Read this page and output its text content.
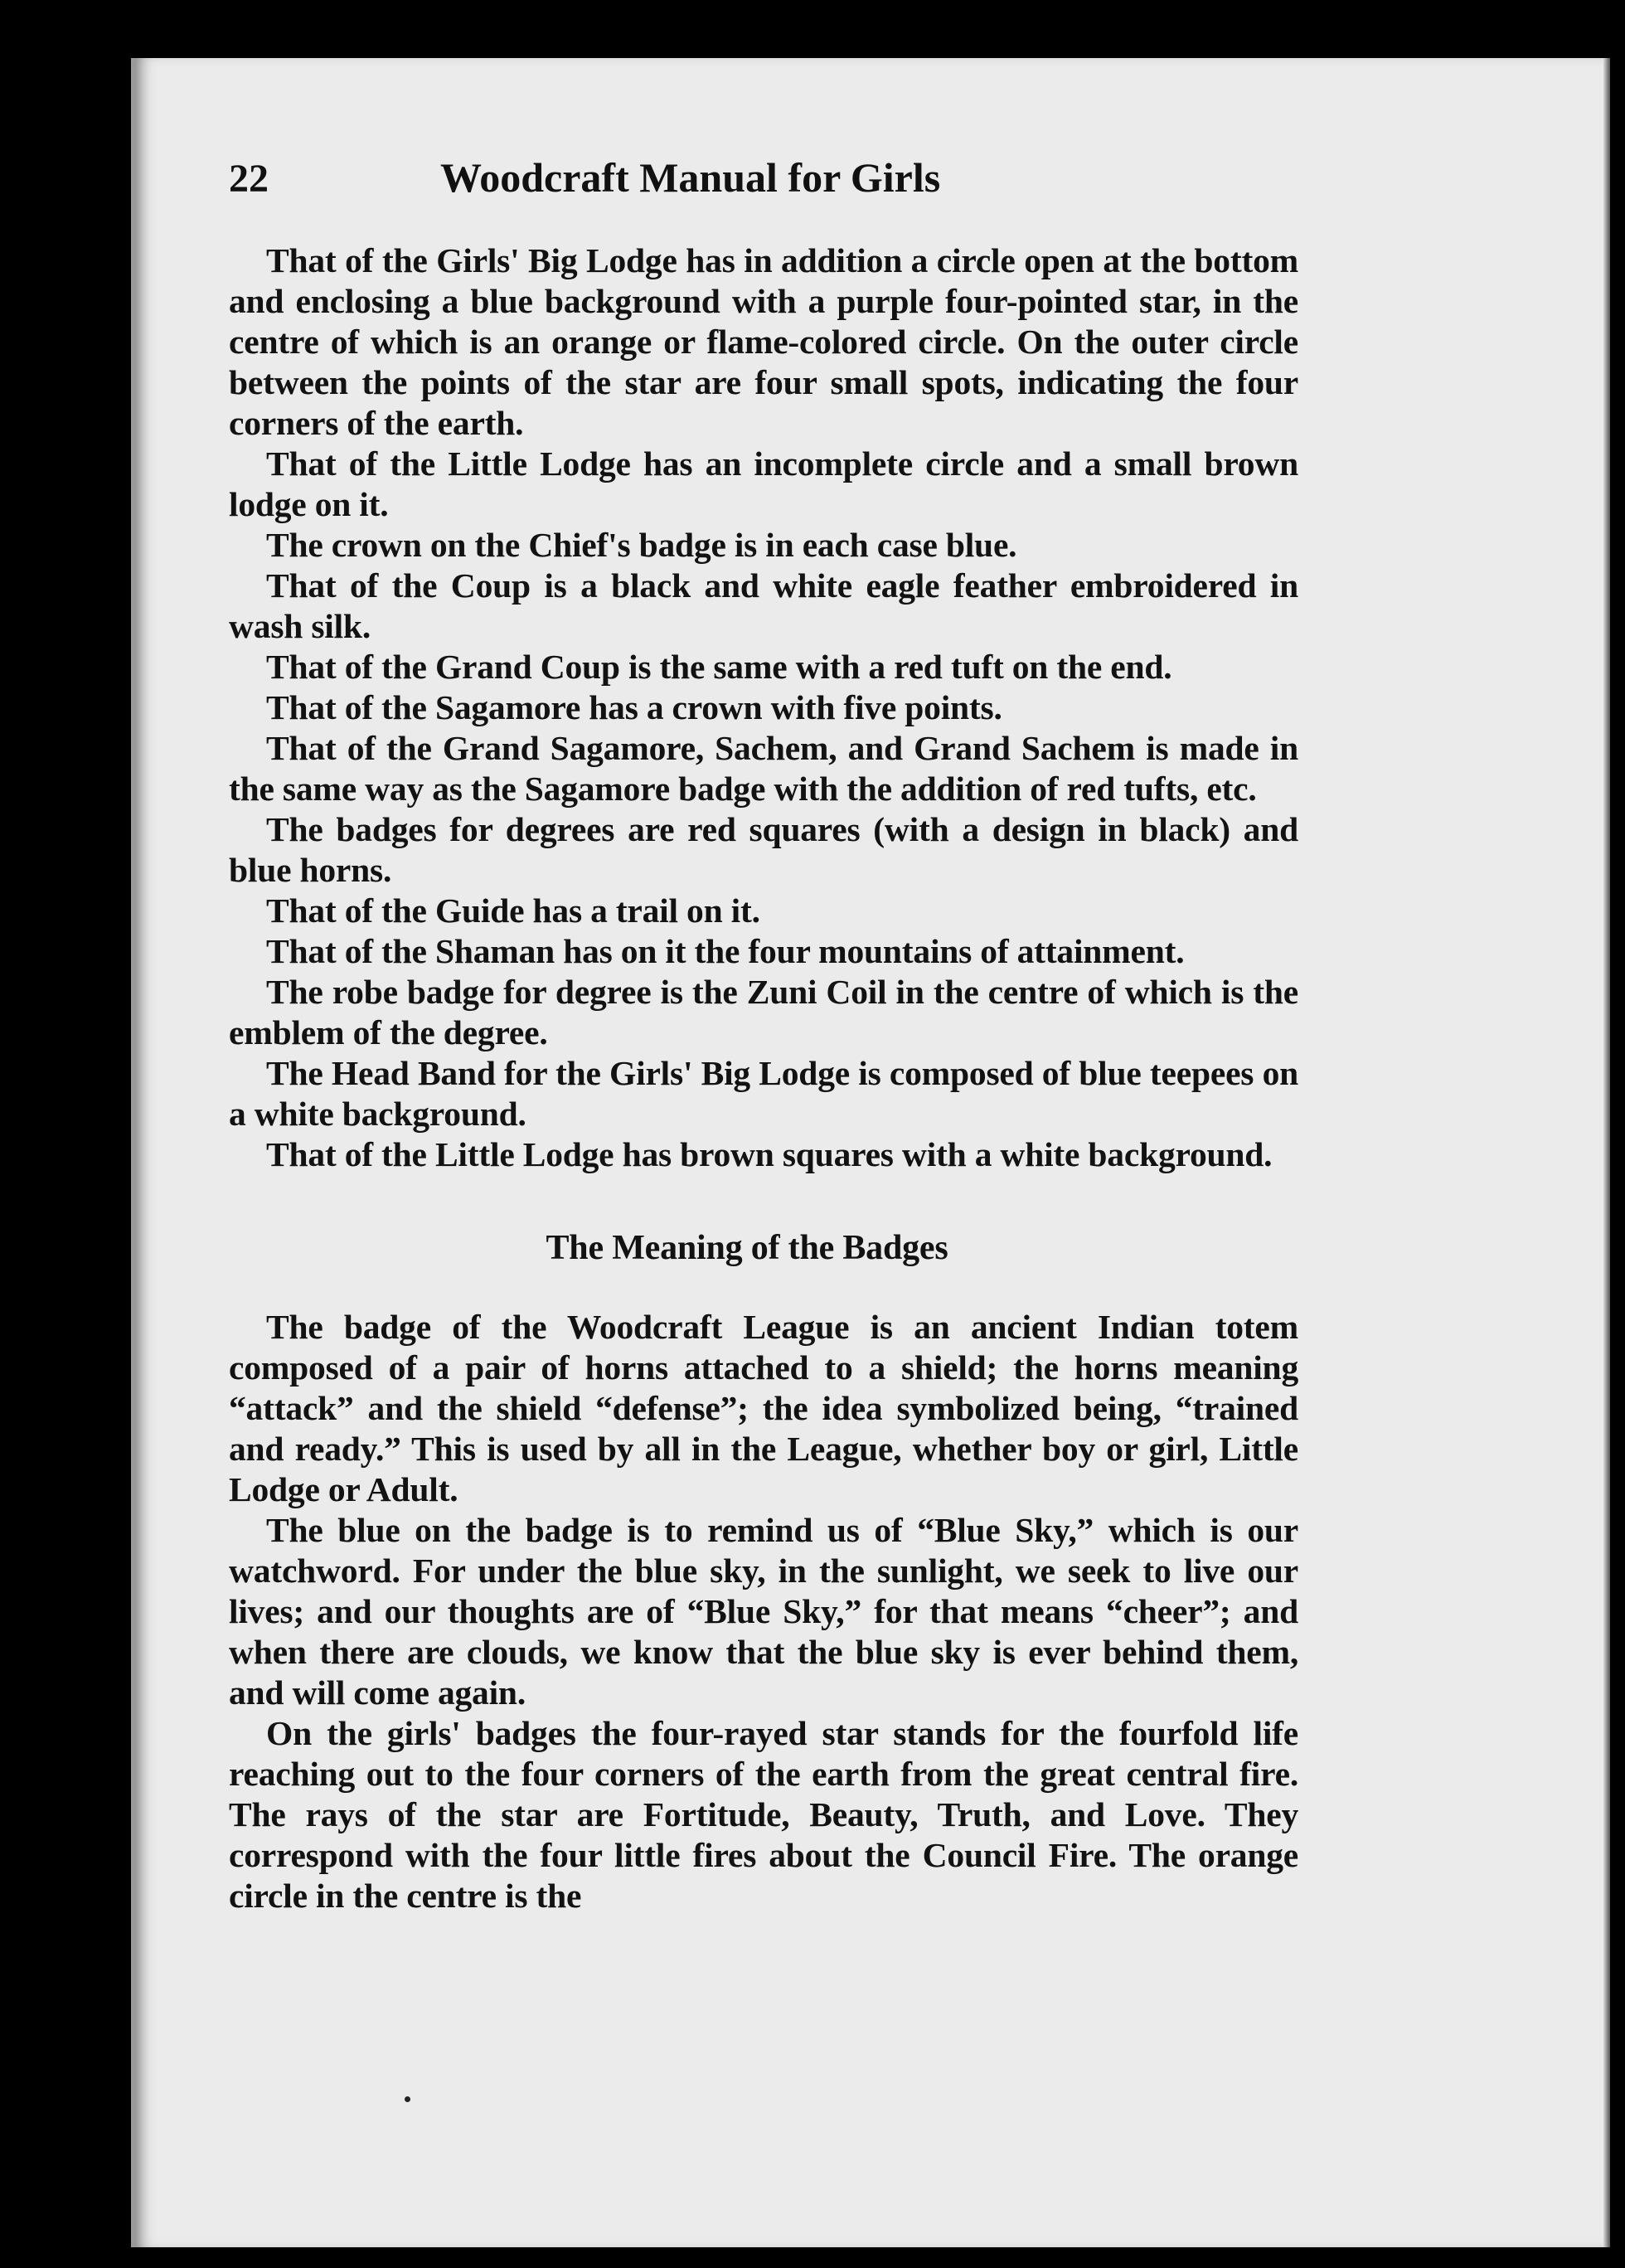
22	Woodcraft Manual for Girls

That of the Girls' Big Lodge has in addition a circle open at the bottom and enclosing a blue background with a purple four-pointed star, in the centre of which is an orange or flame-colored circle. On the outer circle between the points of the star are four small spots, indicating the four corners of the earth.

That of the Little Lodge has an incomplete circle and a small brown lodge on it.

The crown on the Chief's badge is in each case blue.

That of the Coup is a black and white eagle feather embroidered in wash silk.

That of the Grand Coup is the same with a red tuft on the end.

That of the Sagamore has a crown with five points.

That of the Grand Sagamore, Sachem, and Grand Sachem is made in the same way as the Sagamore badge with the addition of red tufts, etc.

The badges for degrees are red squares (with a design in black) and blue horns.

That of the Guide has a trail on it.

That of the Shaman has on it the four mountains of attainment.

The robe badge for degree is the Zuni Coil in the centre of which is the emblem of the degree.

The Head Band for the Girls' Big Lodge is composed of blue teepees on a white background.

That of the Little Lodge has brown squares with a white background.

The Meaning of the Badges

The badge of the Woodcraft League is an ancient Indian totem composed of a pair of horns attached to a shield; the horns meaning “attack” and the shield “defense”; the idea symbolized being, “trained and ready.” This is used by all in the League, whether boy or girl, Little Lodge or Adult.

The blue on the badge is to remind us of “Blue Sky,” which is our watchword. For under the blue sky, in the sunlight, we seek to live our lives; and our thoughts are of “Blue Sky,” for that means “cheer”; and when there are clouds, we know that the blue sky is ever behind them, and will come again.

On the girls' badges the four-rayed star stands for the fourfold life reaching out to the four corners of the earth from the great central fire. The rays of the star are Fortitude, Beauty, Truth, and Love. They correspond with the four little fires about the Council Fire. The orange circle in the centre is the
